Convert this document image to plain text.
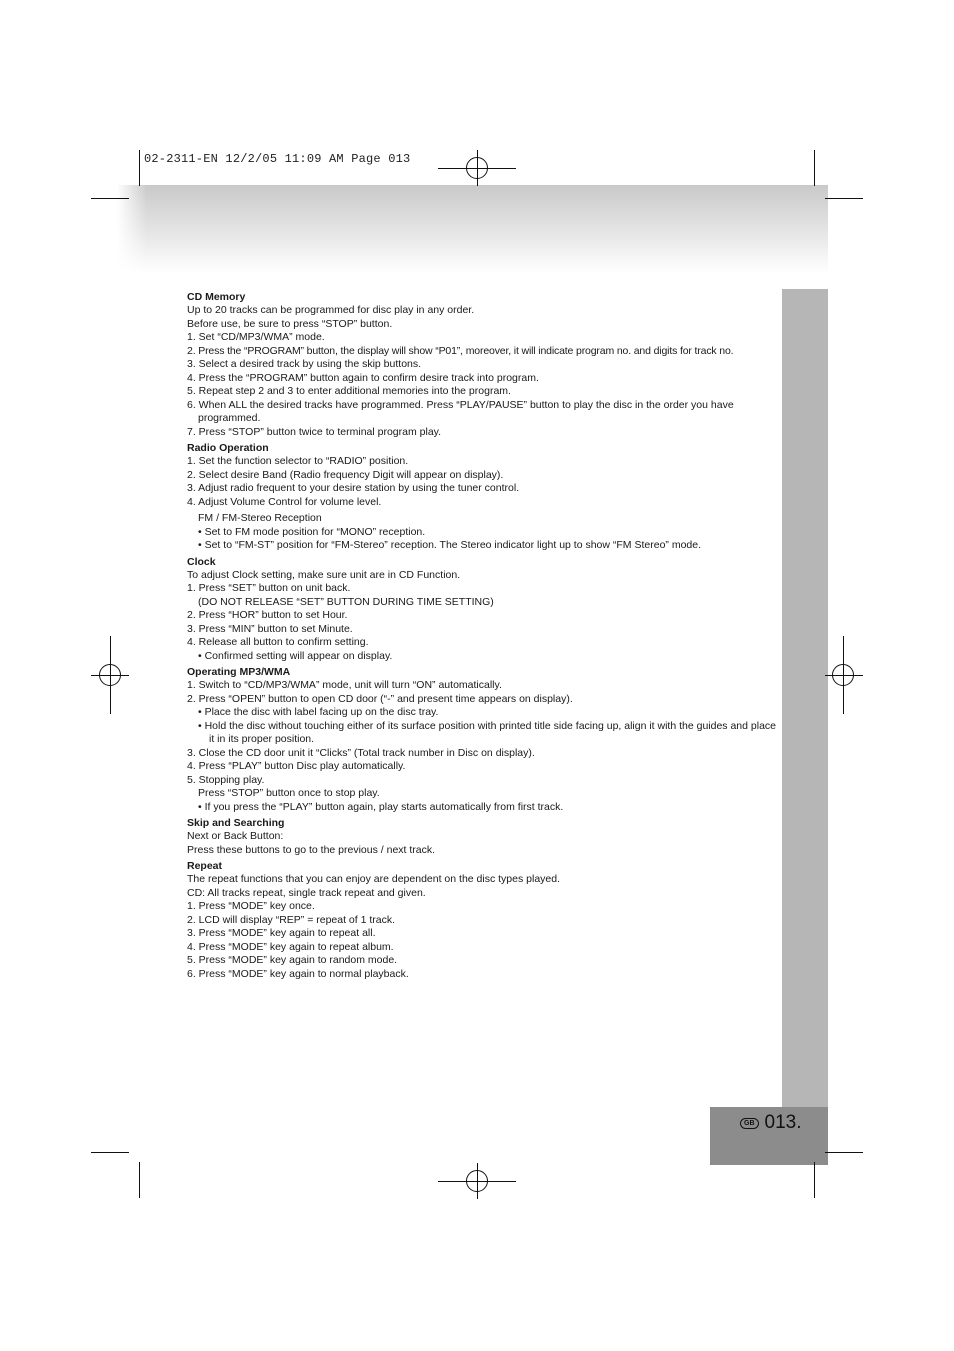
02-2311-EN 12/2/05 11:09 AM Page 013
GB 013.
CD Memory

Up to 20 tracks can be programmed for disc play in any order.

Before use, be sure to press “STOP” button.

1. Set “CD/MP3/WMA” mode.

2. Press the “PROGRAM” button, the display will show “P01”, moreover, it will indicate program no. and digits for track no.

3. Select a desired track by using the skip buttons.

4. Press the “PROGRAM” button again to confirm desire track into program.

5. Repeat step 2 and 3 to enter additional memories into the program.

6. When ALL the desired tracks have programmed. Press “PLAY/PAUSE” button to play the disc in the order you have programmed.

7. Press “STOP” button twice to terminal program play.

Radio Operation

1. Set the function selector to “RADIO” position.

2. Select desire Band (Radio frequency Digit will appear on display).

3. Adjust radio frequent to your desire station by using the tuner control.

4. Adjust Volume Control for volume level.

FM / FM-Stereo Reception

• Set to FM mode position for “MONO” reception.

• Set to “FM-ST” position for “FM-Stereo” reception. The Stereo indicator light up to show “FM Stereo” mode.

Clock

To adjust Clock setting, make sure unit are in CD Function.

1. Press “SET” button on unit back.

(DO NOT RELEASE “SET” BUTTON DURING TIME SETTING)

2. Press “HOR” button to set Hour.

3. Press “MIN” button to set Minute.

4. Release all button to confirm setting.

• Confirmed setting will appear on display.

Operating MP3/WMA

1. Switch to “CD/MP3/WMA” mode, unit will turn “ON” automatically.

2. Press “OPEN” button to open CD door (“-” and present time appears on display).

• Place the disc with label facing up on the disc tray.

• Hold the disc without touching either of its surface position with printed title side facing up, align it with the guides and place it in its proper position.

3. Close the CD door unit it “Clicks” (Total track number in Disc on display).

4. Press “PLAY” button Disc play automatically.

5. Stopping play.

Press “STOP” button once to stop play.

• If you press the “PLAY” button again, play starts automatically from first track.

Skip and Searching

Next or Back Button:

Press these buttons to go to the previous / next track.

Repeat

The repeat functions that you can enjoy are dependent on the disc types played.

CD: All tracks repeat, single track repeat and given.

1. Press “MODE” key once.

2. LCD will display “REP” = repeat of 1 track.

3. Press “MODE” key again to repeat all.

4. Press “MODE” key again to repeat album.

5. Press “MODE” key again to random mode.

6. Press “MODE” key again to normal playback.
